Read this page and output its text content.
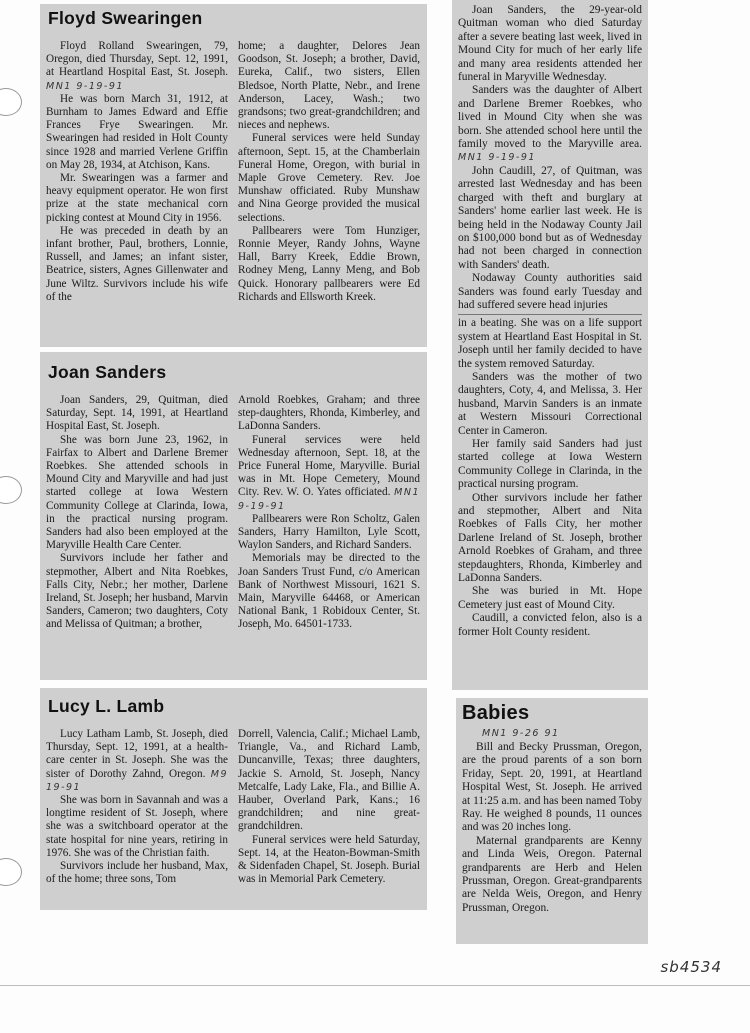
Floyd Swearingen

Floyd Rolland Swearingen, 79, Oregon, died Thursday, Sept. 12, 1991, at Heartland Hospital East, St. Joseph. MN1 9-19-91

He was born March 31, 1912, at Burnham to James Edward and Effie Frances Frye Swearingen. Mr. Swearingen had resided in Holt County since 1928 and married Verlene Griffin on May 28, 1934, at Atchison, Kans.

Mr. Swearingen was a farmer and heavy equipment operator. He won first prize at the state mechanical corn picking contest at Mound City in 1956.

He was preceded in death by an infant brother, Paul, brothers, Lonnie, Russell, and James; an infant sister, Beatrice, sisters, Agnes Gillenwater and June Wiltz. Survivors include his wife of the

home; a daughter, Delores Jean Goodson, St. Joseph; a brother, David, Eureka, Calif., two sisters, Ellen Bledsoe, North Platte, Nebr., and Irene Anderson, Lacey, Wash.; two grandsons; two great-grandchildren; and nieces and nephews.

Funeral services were held Sunday afternoon, Sept. 15, at the Chamberlain Funeral Home, Oregon, with burial in Maple Grove Cemetery. Rev. Joe Munshaw officiated. Ruby Munshaw and Nina George provided the musical selections.

Pallbearers were Tom Hunziger, Ronnie Meyer, Randy Johns, Wayne Hall, Barry Kreek, Eddie Brown, Rodney Meng, Lanny Meng, and Bob Quick. Honorary pallbearers were Ed Richards and Ellsworth Kreek.

Joan Sanders

Joan Sanders, 29, Quitman, died Saturday, Sept. 14, 1991, at Heartland Hospital East, St. Joseph.

She was born June 23, 1962, in Fairfax to Albert and Darlene Bremer Roebkes. She attended schools in Mound City and Maryville and had just started college at Iowa Western Community College at Clarinda, Iowa, in the practical nursing program. Sanders had also been employed at the Maryville Health Care Center.

Survivors include her father and stepmother, Albert and Nita Roebkes, Falls City, Nebr.; her mother, Darlene Ireland, St. Joseph; her husband, Marvin Sanders, Cameron; two daughters, Coty and Melissa of Quitman; a brother,

Arnold Roebkes, Graham; and three step-daughters, Rhonda, Kimberley, and LaDonna Sanders.

Funeral services were held Wednesday afternoon, Sept. 18, at the Price Funeral Home, Maryville. Burial was in Mt. Hope Cemetery, Mound City. Rev. W. O. Yates officiated. MN1 9-19-91

Pallbearers were Ron Scholtz, Galen Sanders, Harry Hamilton, Lyle Scott, Waylon Sanders, and Richard Sanders.

Memorials may be directed to the Joan Sanders Trust Fund, c/o American Bank of Northwest Missouri, 1621 S. Main, Maryville 64468, or American National Bank, 1 Robidoux Center, St. Joseph, Mo. 64501-1733.

Lucy L. Lamb

Lucy Latham Lamb, St. Joseph, died Thursday, Sept. 12, 1991, at a health-care center in St. Joseph. She was the sister of Dorothy Zahnd, Oregon. M9 19-91

She was born in Savannah and was a longtime resident of St. Joseph, where she was a switchboard operator at the state hospital for nine years, retiring in 1976. She was of the Christian faith.

Survivors include her husband, Max, of the home; three sons, Tom

Dorrell, Valencia, Calif.; Michael Lamb, Triangle, Va., and Richard Lamb, Duncanville, Texas; three daughters, Jackie S. Arnold, St. Joseph, Nancy Metcalfe, Lady Lake, Fla., and Billie A. Hauber, Overland Park, Kans.; 16 grandchildren; and nine great-grandchildren.

Funeral services were held Saturday, Sept. 14, at the Heaton-Bowman-Smith & Sidenfaden Chapel, St. Joseph. Burial was in Memorial Park Cemetery.

Joan Sanders, the 29-year-old Quitman woman who died Saturday after a severe beating last week, lived in Mound City for much of her early life and many area residents attended her funeral in Maryville Wednesday.

Sanders was the daughter of Albert and Darlene Bremer Roebkes, who lived in Mound City when she was born. She attended school here until the family moved to the Maryville area. MN1 9-19-91

John Caudill, 27, of Quitman, was arrested last Wednesday and has been charged with theft and burglary at Sanders' home earlier last week. He is being held in the Nodaway County Jail on $100,000 bond but as of Wednesday had not been charged in connection with Sanders' death.

Nodaway County authorities said Sanders was found early Tuesday and had suffered severe head injuries

in a beating. She was on a life support system at Heartland East Hospital in St. Joseph until her family decided to have the system removed Saturday.

Sanders was the mother of two daughters, Coty, 4, and Melissa, 3. Her husband, Marvin Sanders is an inmate at Western Missouri Correctional Center in Cameron.

Her family said Sanders had just started college at Iowa Western Community College in Clarinda, in the practical nursing program.

Other survivors include her father and stepmother, Albert and Nita Roebkes of Falls City, her mother Darlene Ireland of St. Joseph, brother Arnold Roebkes of Graham, and three stepdaughters, Rhonda, Kimberley and LaDonna Sanders.

She was buried in Mt. Hope Cemetery just east of Mound City.

Caudill, a convicted felon, also is a former Holt County resident.

Babies
MN1 9-26 91

Bill and Becky Prussman, Oregon, are the proud parents of a son born Friday, Sept. 20, 1991, at Heartland Hospital West, St. Joseph. He arrived at 11:25 a.m. and has been named Toby Ray. He weighed 8 pounds, 11 ounces and was 20 inches long.

Maternal grandparents are Kenny and Linda Weis, Oregon. Paternal grandparents are Herb and Helen Prussman, Oregon. Great-grandparents are Nelda Weis, Oregon, and Henry Prussman, Oregon.

sb4534
